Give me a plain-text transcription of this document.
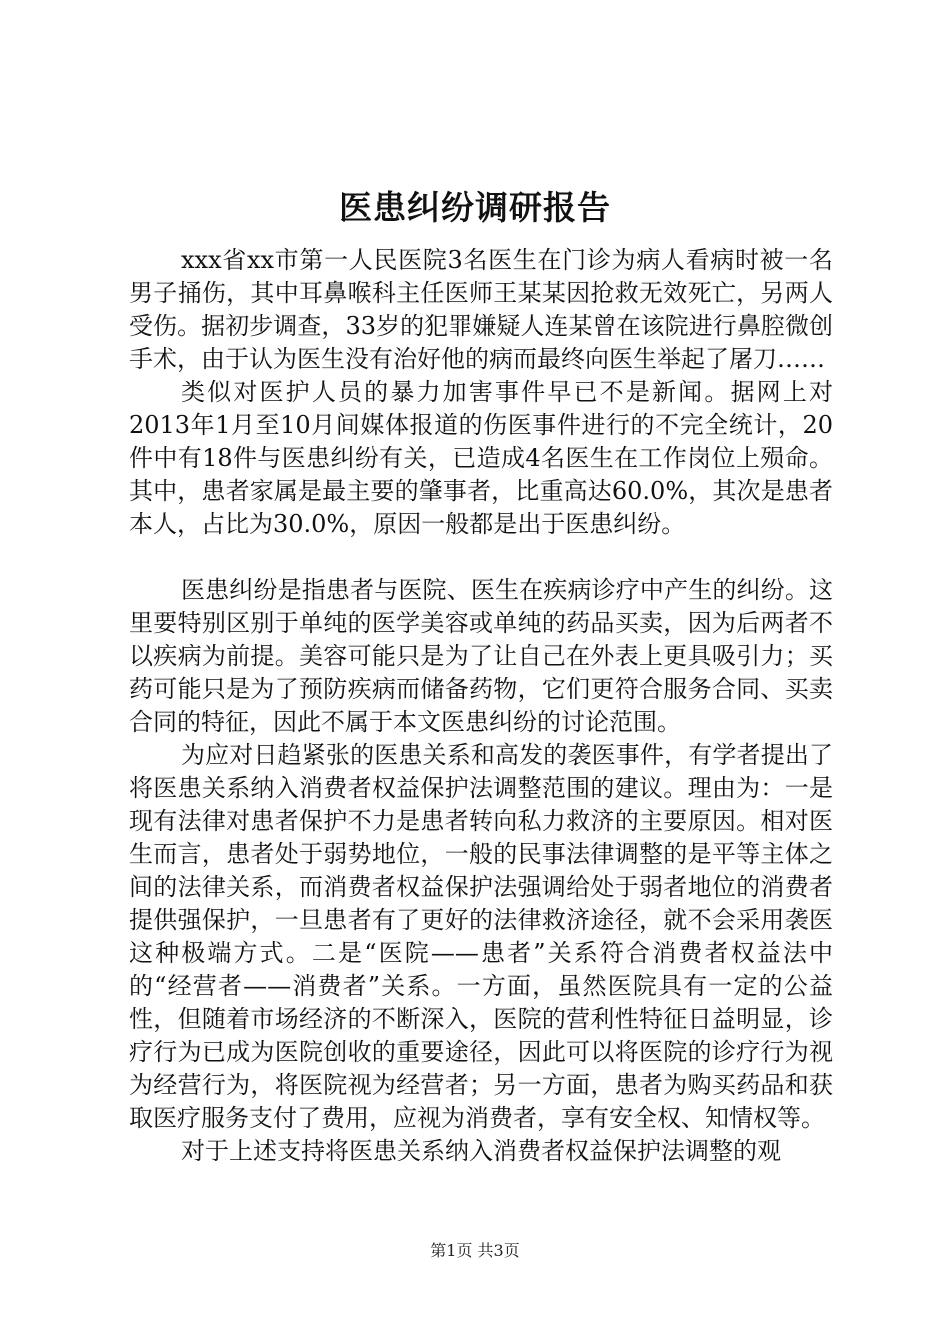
医患纠纷调研报告

xxx省xx市第一人民医院3名医生在门诊为病人看病时被一名男子捅伤，其中耳鼻喉科主任医师王某某因抢救无效死亡，另两人受伤。据初步调查，33岁的犯罪嫌疑人连某曾在该院进行鼻腔微创手术，由于认为医生没有治好他的病而最终向医生举起了屠刀……

类似对医护人员的暴力加害事件早已不是新闻。据网上对2013年1月至10月间媒体报道的伤医事件进行的不完全统计，20件中有18件与医患纠纷有关，已造成4名医生在工作岗位上殒命。其中，患者家属是最主要的肇事者，比重高达60.0%，其次是患者本人，占比为30.0%，原因一般都是出于医患纠纷。

医患纠纷是指患者与医院、医生在疾病诊疗中产生的纠纷。这里要特别区别于单纯的医学美容或单纯的药品买卖，因为后两者不以疾病为前提。美容可能只是为了让自己在外表上更具吸引力；买药可能只是为了预防疾病而储备药物，它们更符合服务合同、买卖合同的特征，因此不属于本文医患纠纷的讨论范围。

为应对日趋紧张的医患关系和高发的袭医事件，有学者提出了将医患关系纳入消费者权益保护法调整范围的建议。理由为：一是现有法律对患者保护不力是患者转向私力救济的主要原因。相对医生而言，患者处于弱势地位，一般的民事法律调整的是平等主体之间的法律关系，而消费者权益保护法强调给处于弱者地位的消费者提供强保护，一旦患者有了更好的法律救济途径，就不会采用袭医这种极端方式。二是“医院——患者”关系符合消费者权益法中的“经营者——消费者”关系。一方面，虽然医院具有一定的公益性，但随着市场经济的不断深入，医院的营利性特征日益明显，诊疗行为已成为医院创收的重要途径，因此可以将医院的诊疗行为视为经营行为，将医院视为经营者；另一方面，患者为购买药品和获取医疗服务支付了费用，应视为消费者，享有安全权、知情权等。

对于上述支持将医患关系纳入消费者权益保护法调整的观

第1页 共3页
